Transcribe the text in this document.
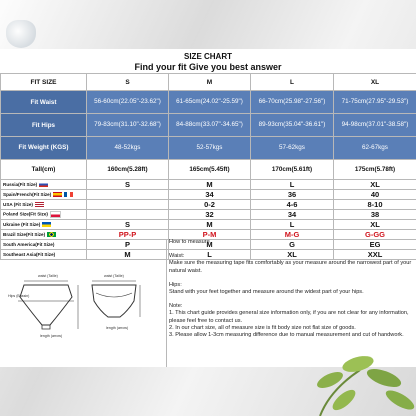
SIZE CHART
Find your fit Give you best answer
FIT SIZE	S	M	L	XL
Fit Waist	56-60cm(22.05"-23.62")	61-65cm(24.02"-25.59")	66-70cm(25.98"-27.56")	71-75cm(27.95"-29.53")
Fit Hips	79-83cm(31.10"-32.68")	84-88cm(33.07"-34.65")	89-93cm(35.04"-36.61")	94-98cm(37.01"-38.58")
Fit Weight (KGS)	48-52kgs	52-57kgs	57-62kgs	62-67kgs
Tall(cm)	160cm(5.28ft)	165cm(5.45ft)	170cm(5.61ft)	175cm(5.78ft)
Russia(Fit Size)	S	M	L	XL
Spain/French(Fit Size)		34	36	40
USA (Fit Size)		0-2	4-6	8-10
Poland Size(Fit Size)		32	34	38
Ukraine (Fit Size)	S	M	L	XL
Brazil Size(Fit Size)	PP-P	P-M	M-G	G-GG
South America(Fit Size)	P	M	G	EG
Southeast Asia(Fit Size)	M	L	XL	XXL
waist (Taille)
Hips (Bassin)
length (arrow)
waist (Taille)
length (arrow)

How to measure

Waist:

Make sure the measuring tape fits comfortably as your measure around the narrowest part of your natural waist.

Hips:

Stand with your feet together and measure around the widest part of your hips.

Note:

1. This chart guide provides general size information only, if you are not clear for any information, please feel free to contact us.

2. In our chart size, all of measure size is fit body size not flat size of goods.

3. Please allow 1-3cm measuring difference due to manual measurement and cut of handwork.
